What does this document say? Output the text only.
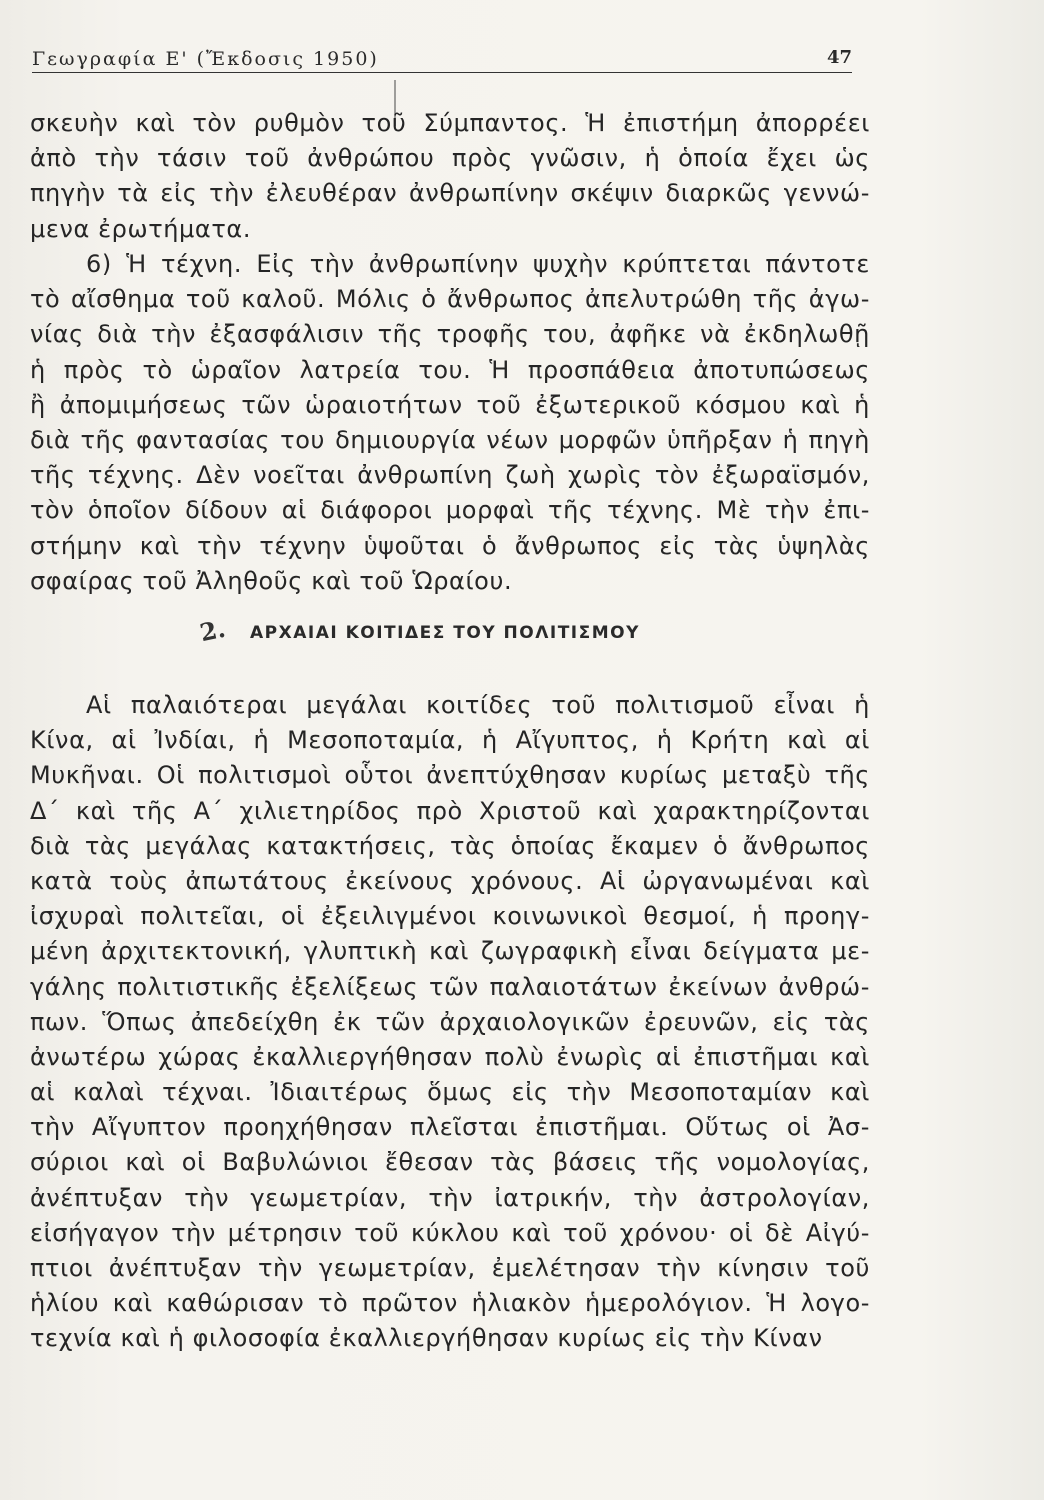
Γεωγραφία Ε' (Ἔκδοσις 1950)	47
σκευὴν καὶ τὸν ρυθμὸν τοῦ Σύμπαντος. Ἡ ἐπιστήμη ἀπορρέει
ἀπὸ τὴν τάσιν τοῦ ἀνθρώπου πρὸς γνῶσιν, ἡ ὁποία ἔχει ὡς
πηγὴν τὰ εἰς τὴν ἐλευθέραν ἀνθρωπίνην σκέψιν διαρκῶς γεννώ-
μενα ἐρωτήματα.
6) Ἡ τέχνη. Εἰς τὴν ἀνθρωπίνην ψυχὴν κρύπτεται πάντοτε
τὸ αἴσθημα τοῦ καλοῦ. Μόλις ὁ ἄνθρωπος ἀπελυτρώθη τῆς ἀγω-
νίας διὰ τὴν ἐξασφάλισιν τῆς τροφῆς του, ἀφῆκε νὰ ἐκδηλωθῇ
ἡ πρὸς τὸ ὡραῖον λατρεία του. Ἡ προσπάθεια ἀποτυπώσεως
ἢ ἀπομιμήσεως τῶν ὡραιοτήτων τοῦ ἐξωτερικοῦ κόσμου καὶ ἡ
διὰ τῆς φαντασίας του δημιουργία νέων μορφῶν ὑπῆρξαν ἡ πηγὴ
τῆς τέχνης. Δὲν νοεῖται ἀνθρωπίνη ζωὴ χωρὶς τὸν ἐξωραϊσμόν,
τὸν ὁποῖον δίδουν αἱ διάφοροι μορφαὶ τῆς τέχνης. Μὲ τὴν ἐπι-
στήμην καὶ τὴν τέχνην ὑψοῦται ὁ ἄνθρωπος εἰς τὰς ὑψηλὰς
σφαίρας τοῦ Ἀληθοῦς καὶ τοῦ Ὡραίου.
2. ΑΡΧΑΙΑΙ ΚΟΙΤΙΔΕΣ ΤΟΥ ΠΟΛΙΤΙΣΜΟΥ
Αἱ παλαιότεραι μεγάλαι κοιτίδες τοῦ πολιτισμοῦ εἶναι ἡ
Κίνα, αἱ Ἰνδίαι, ἡ Μεσοποταμία, ἡ Αἴγυπτος, ἡ Κρήτη καὶ αἱ
Μυκῆναι. Οἱ πολιτισμοὶ οὗτοι ἀνεπτύχθησαν κυρίως μεταξὺ τῆς
Δ΄ καὶ τῆς Α΄ χιλιετηρίδος πρὸ Χριστοῦ καὶ χαρακτηρίζονται
διὰ τὰς μεγάλας κατακτήσεις, τὰς ὁποίας ἔκαμεν ὁ ἄνθρωπος
κατὰ τοὺς ἀπωτάτους ἐκείνους χρόνους. Αἱ ὠργανωμέναι καὶ
ἰσχυραὶ πολιτεῖαι, οἱ ἐξειλιγμένοι κοινωνικοὶ θεσμοί, ἡ προηγ-
μένη ἀρχιτεκτονική, γλυπτικὴ καὶ ζωγραφικὴ εἶναι δείγματα με-
γάλης πολιτιστικῆς ἐξελίξεως τῶν παλαιοτάτων ἐκείνων ἀνθρώ-
πων. Ὅπως ἀπεδείχθη ἐκ τῶν ἀρχαιολογικῶν ἐρευνῶν, εἰς τὰς
ἀνωτέρω χώρας ἐκαλλιεργήθησαν πολὺ ἐνωρὶς αἱ ἐπιστῆμαι καὶ
αἱ καλαὶ τέχναι. Ἰδιαιτέρως ὅμως εἰς τὴν Μεσοποταμίαν καὶ
τὴν Αἴγυπτον προηχήθησαν πλεῖσται ἐπιστῆμαι. Οὕτως οἱ Ἀσ-
σύριοι καὶ οἱ Βαβυλώνιοι ἔθεσαν τὰς βάσεις τῆς νομολογίας,
ἀνέπτυξαν τὴν γεωμετρίαν, τὴν ἰατρικήν, τὴν ἀστρολογίαν,
εἰσήγαγον τὴν μέτρησιν τοῦ κύκλου καὶ τοῦ χρόνου· οἱ δὲ Αἰγύ-
πτιοι ἀνέπτυξαν τὴν γεωμετρίαν, ἐμελέτησαν τὴν κίνησιν τοῦ
ἡλίου καὶ καθώρισαν τὸ πρῶτον ἡλιακὸν ἡμερολόγιον. Ἡ λογο-
τεχνία καὶ ἡ φιλοσοφία ἐκαλλιεργήθησαν κυρίως εἰς τὴν Κίναν
